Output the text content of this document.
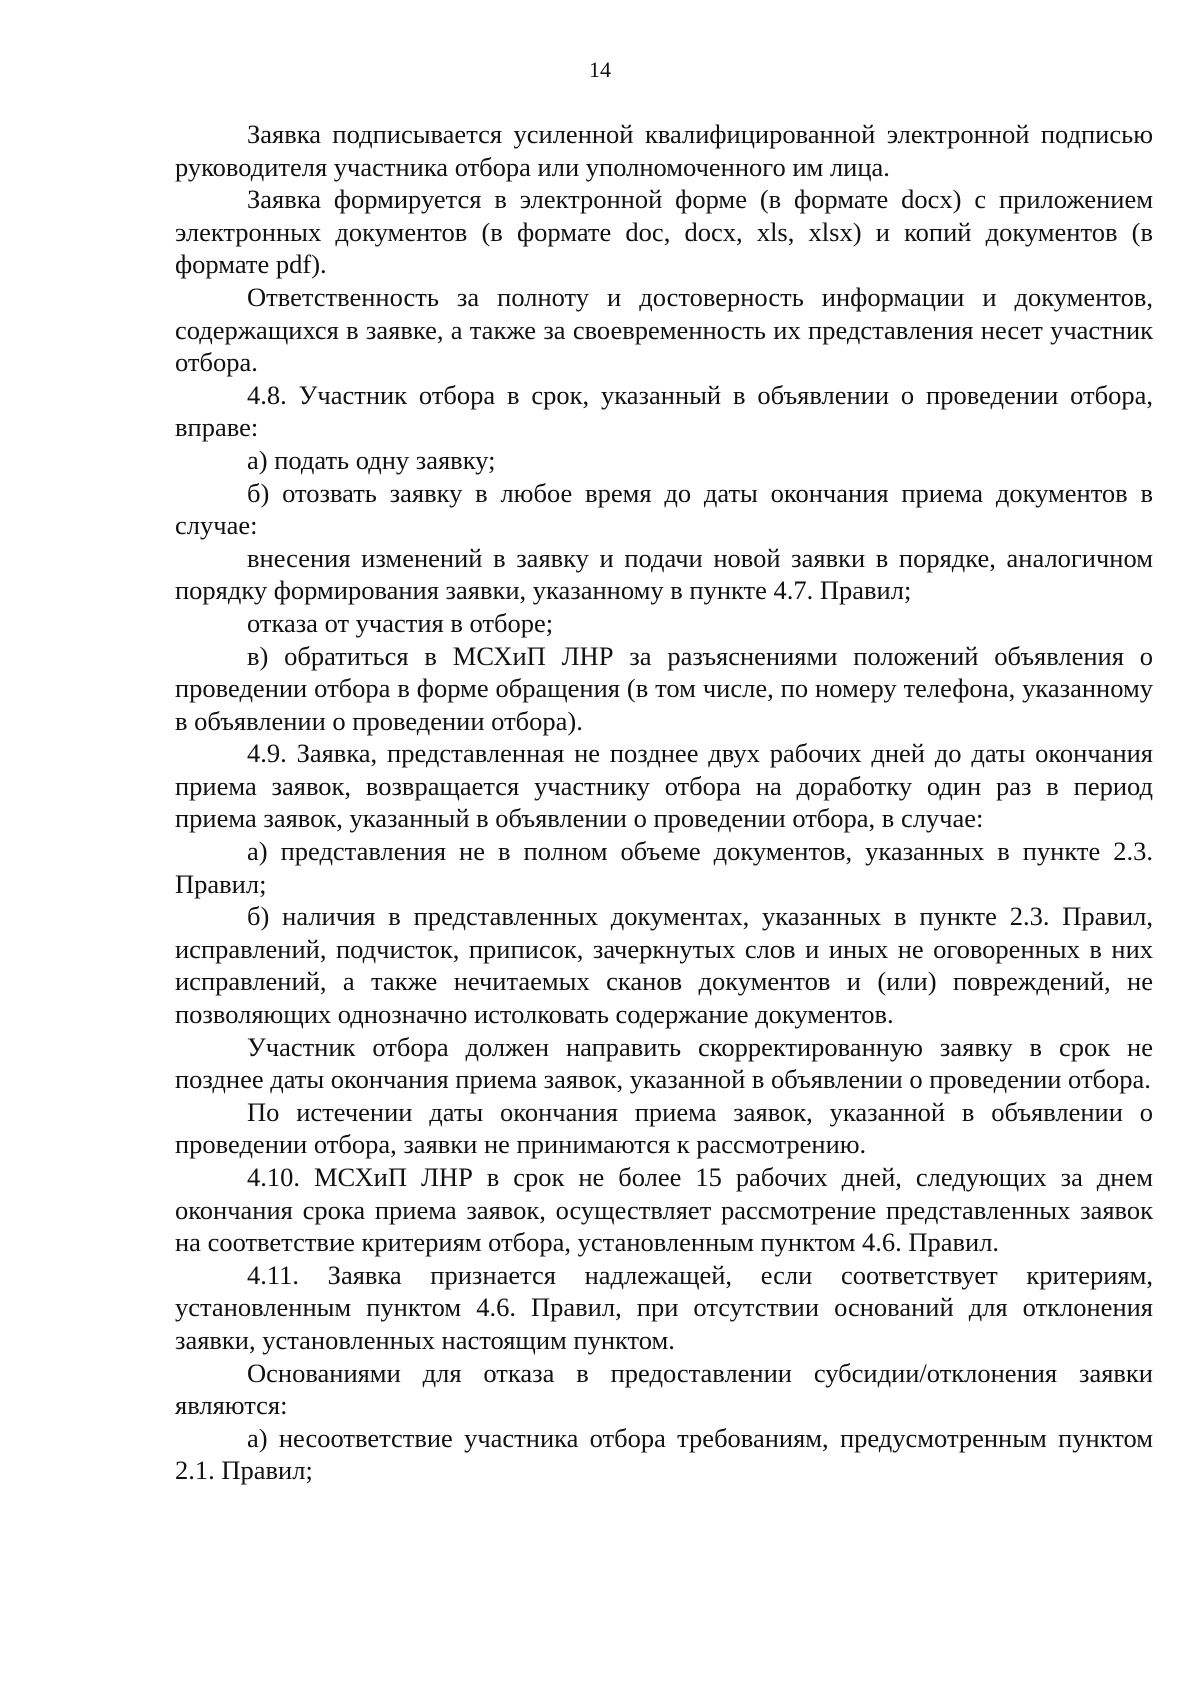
14

Заявка подписывается усиленной квалифицированной электронной подписью руководителя участника отбора или уполномоченного им лица.

Заявка формируется в электронной форме (в формате docx) с приложением электронных документов (в формате doc, docx, xls, xlsx) и копий документов (в формате pdf).

Ответственность за полноту и достоверность информации и документов, содержащихся в заявке, а также за своевременность их представления несет участник отбора.

4.8. Участник отбора в срок, указанный в объявлении о проведении отбора, вправе:

а) подать одну заявку;

б) отозвать заявку в любое время до даты окончания приема документов в случае:

внесения изменений в заявку и подачи новой заявки в порядке, аналогичном порядку формирования заявки, указанному в пункте 4.7. Правил;

отказа от участия в отборе;

в) обратиться в МСХиП ЛНР за разъяснениями положений объявления о проведении отбора в форме обращения (в том числе, по номеру телефона, указанному в объявлении о проведении отбора).

4.9. Заявка, представленная не позднее двух рабочих дней до даты окончания приема заявок, возвращается участнику отбора на доработку один раз в период приема заявок, указанный в объявлении о проведении отбора, в случае:

а) представления не в полном объеме документов, указанных в пункте 2.3. Правил;

б) наличия в представленных документах, указанных в пункте 2.3. Правил, исправлений, подчисток, приписок, зачеркнутых слов и иных не оговоренных в них исправлений, а также нечитаемых сканов документов и (или) повреждений, не позволяющих однозначно истолковать содержание документов.

Участник отбора должен направить скорректированную заявку в срок не позднее даты окончания приема заявок, указанной в объявлении о проведении отбора.

По истечении даты окончания приема заявок, указанной в объявлении о проведении отбора, заявки не принимаются к рассмотрению.

4.10. МСХиП ЛНР в срок не более 15 рабочих дней, следующих за днем окончания срока приема заявок, осуществляет рассмотрение представленных заявок на соответствие критериям отбора, установленным пунктом 4.6. Правил.

4.11. Заявка признается надлежащей, если соответствует критериям, установленным пунктом 4.6. Правил, при отсутствии оснований для отклонения заявки, установленных настоящим пунктом.

Основаниями для отказа в предоставлении субсидии/отклонения заявки являются:

а) несоответствие участника отбора требованиям, предусмотренным пунктом 2.1. Правил;
